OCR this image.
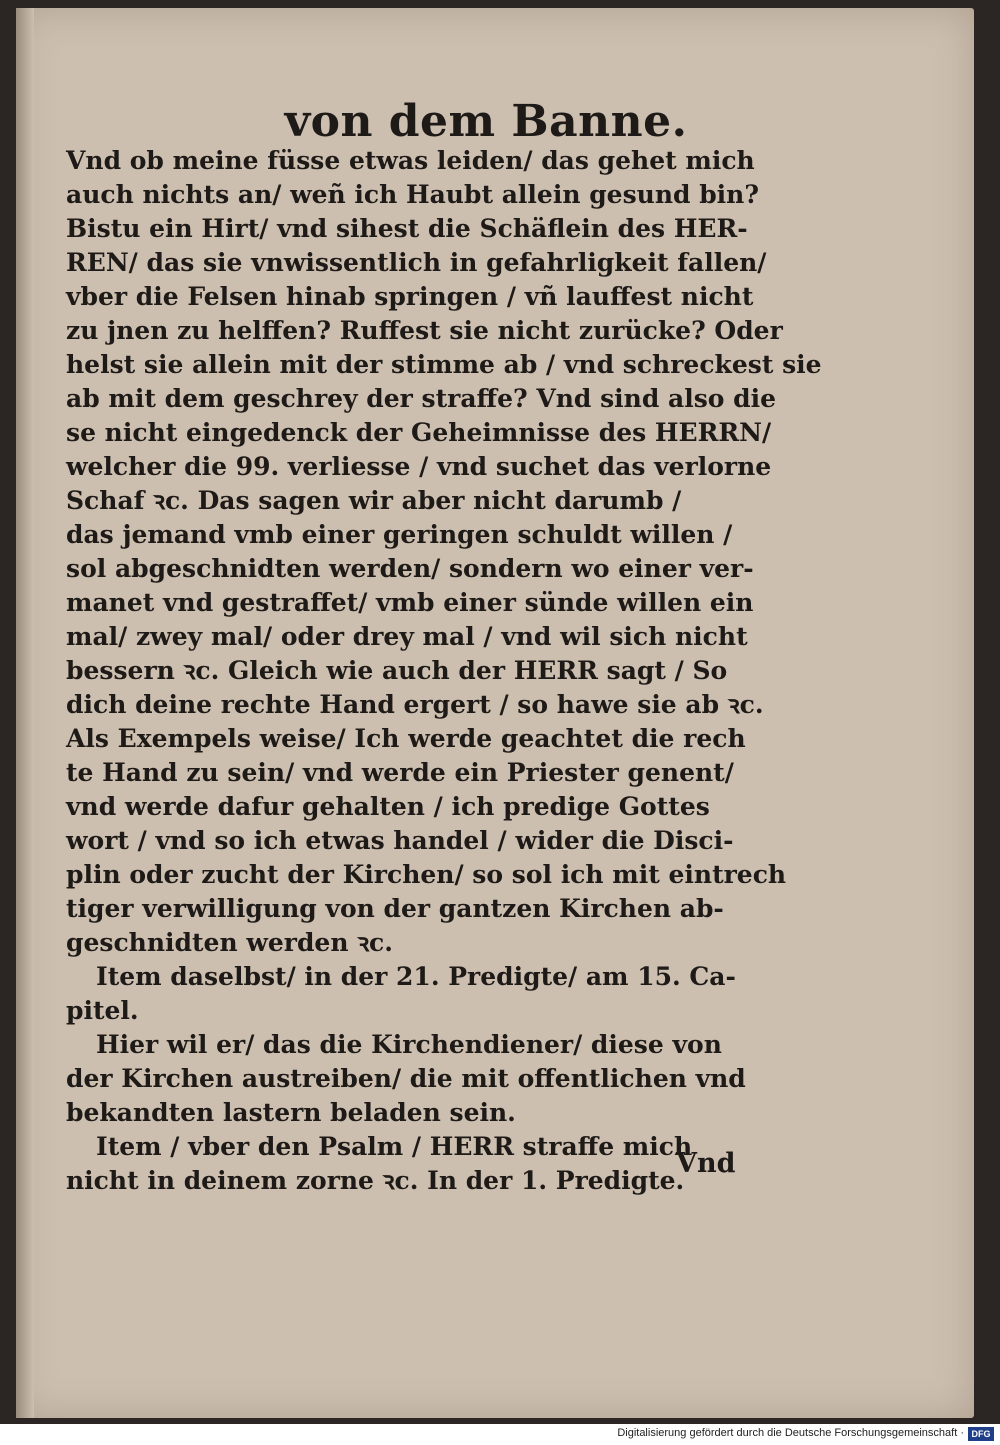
von dem Banne.
Vnd ob meine füsse etwas leiden/ das gehet mich
auch nichts an/ weñ ich Haubt allein gesund bin?
Bistu ein Hirt/ vnd sihest die Schäflein des HER-
REN/ das sie vnwissentlich in gefahrligkeit fallen/
vber die Felsen hinab springen / vñ lauffest nicht
zu jnen zu helffen? Ruffest sie nicht zurücke? Oder
helst sie allein mit der stimme ab / vnd schreckest sie
ab mit dem geschrey der straffe? Vnd sind also die
se nicht eingedenck der Geheimnisse des HERRN/
welcher die 99. verliesse / vnd suchet das verlorne
Schaf ꝛc. Das sagen wir aber nicht darumb /
das jemand vmb einer geringen schuldt willen /
sol abgeschnidten werden/ sondern wo einer ver-
manet vnd gestraffet/ vmb einer sünde willen ein
mal/ zwey mal/ oder drey mal / vnd wil sich nicht
bessern ꝛc. Gleich wie auch der HERR sagt / So
dich deine rechte Hand ergert / so hawe sie ab ꝛc.
Als Exempels weise/ Ich werde geachtet die rech
te Hand zu sein/ vnd werde ein Priester genent/
vnd werde dafur gehalten / ich predige Gottes
wort / vnd so ich etwas handel / wider die Disci-
plin oder zucht der Kirchen/ so sol ich mit eintrech
tiger verwilligung von der gantzen Kirchen ab-
geschnidten werden ꝛc.
Item daselbst/ in der 21. Predigte/ am 15. Ca-
pitel.
Hier wil er/ das die Kirchendiener/ diese von
der Kirchen austreiben/ die mit offentlichen vnd
bekandten lastern beladen sein.
Item / vber den Psalm / HERR straffe mich
nicht in deinem zorne ꝛc. In der 1. Predigte.
Vnd
Digitalisierung gefördert durch die Deutsche Forschungsgemeinschaft · DFG
